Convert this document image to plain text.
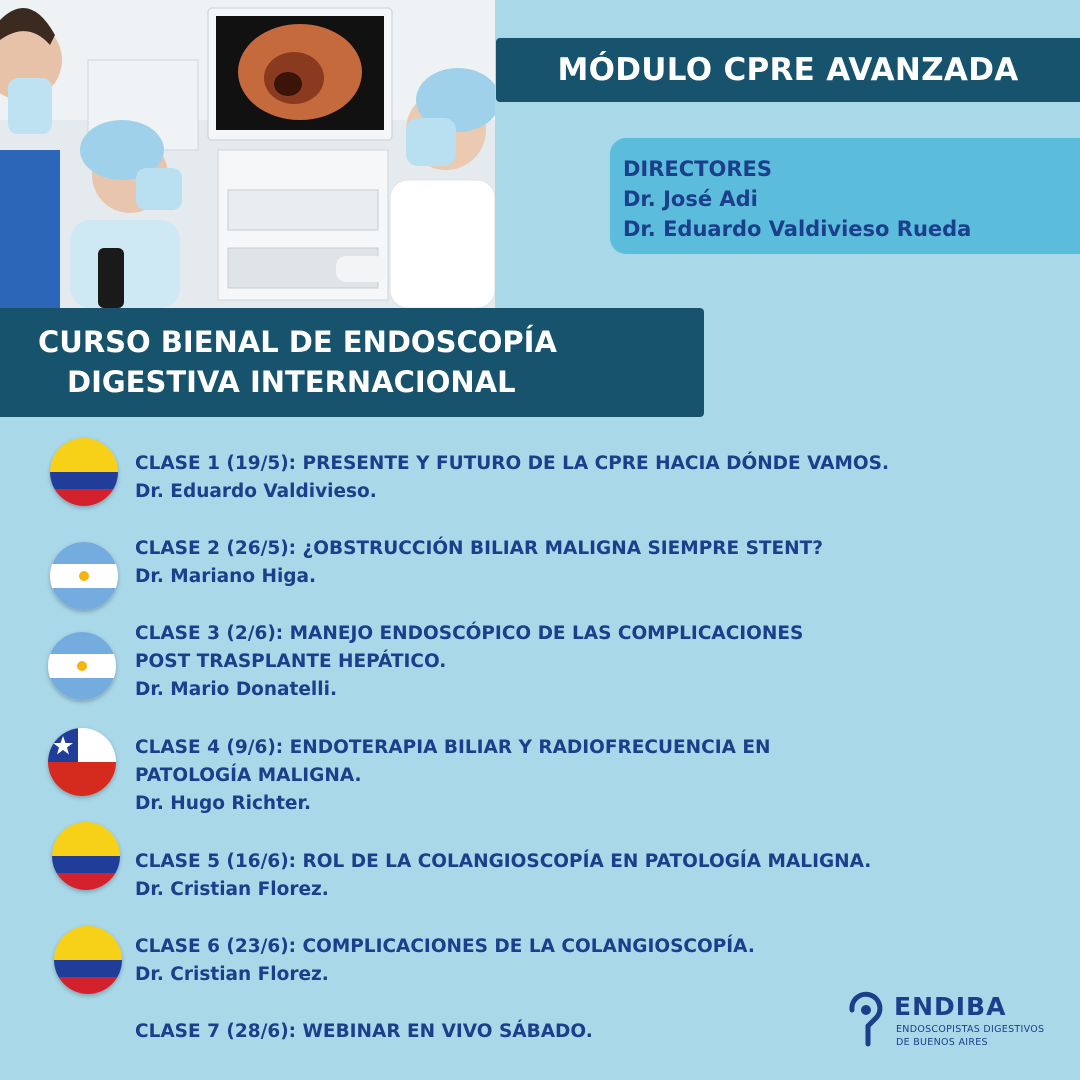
MÓDULO CPRE AVANZADA
DIRECTORES
Dr. José Adi
Dr. Eduardo Valdivieso Rueda
CURSO BIENAL DE ENDOSCOPÍA
DIGESTIVA INTERNACIONAL
CLASE 1 (19/5): PRESENTE Y FUTURO DE LA CPRE HACIA DÓNDE VAMOS.
Dr. Eduardo Valdivieso.
CLASE 2 (26/5): ¿OBSTRUCCIÓN BILIAR MALIGNA SIEMPRE STENT?
Dr. Mariano Higa.
CLASE 3 (2/6): MANEJO ENDOSCÓPICO DE LAS COMPLICACIONES
POST TRASPLANTE HEPÁTICO.
Dr. Mario Donatelli.
CLASE 4 (9/6): ENDOTERAPIA BILIAR Y RADIOFRECUENCIA EN
PATOLOGÍA MALIGNA.
Dr. Hugo Richter.
CLASE 5 (16/6): ROL DE LA COLANGIOSCOPÍA EN PATOLOGÍA MALIGNA.
Dr. Cristian Florez.
CLASE 6 (23/6): COMPLICACIONES DE LA COLANGIOSCOPÍA.
Dr. Cristian Florez.
CLASE 7 (28/6): WEBINAR EN VIVO SÁBADO.
ENDIBA
ENDOSCOPISTAS DIGESTIVOS
DE BUENOS AIRES
